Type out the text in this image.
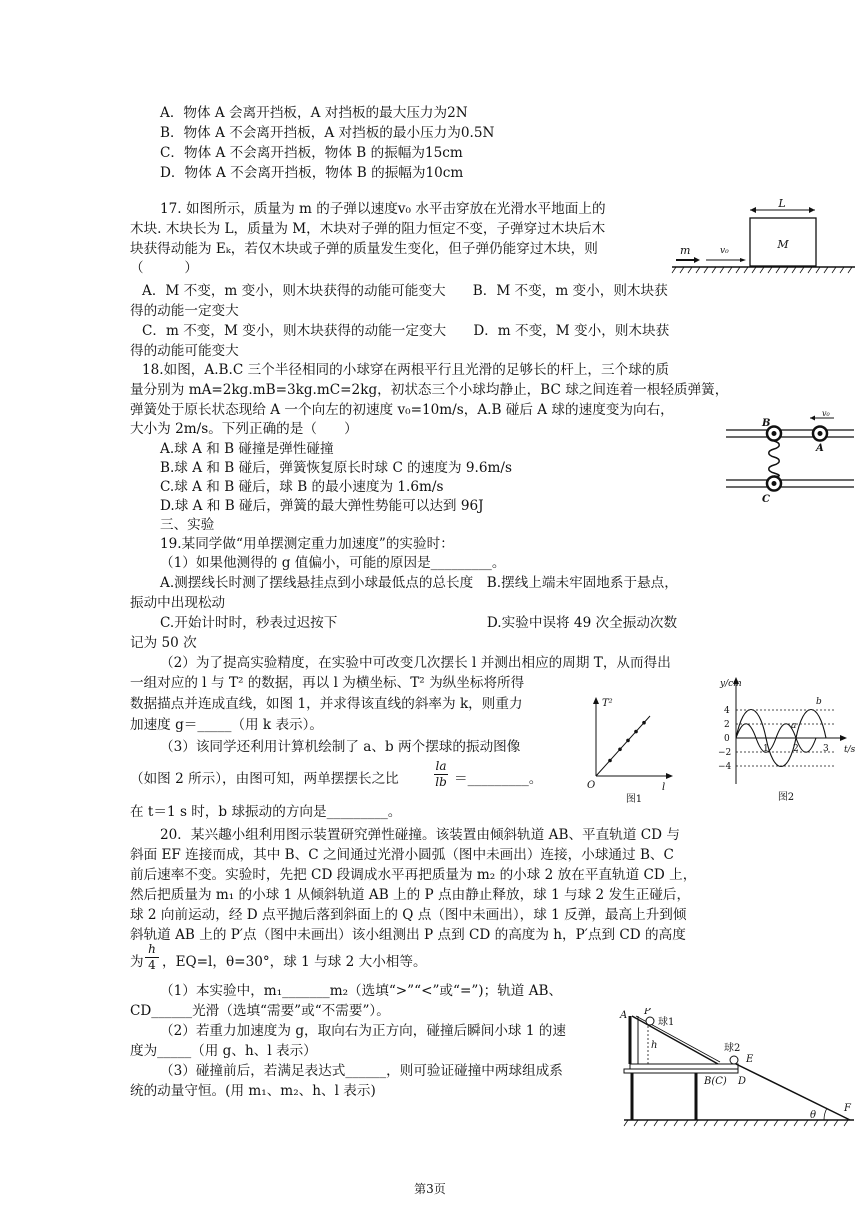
A．物体 A 会离开挡板，A 对挡板的最大压力为2N
B．物体 A 不会离开挡板，A 对挡板的最小压力为0.5N
C．物体 A 不会离开挡板，物体 B 的振幅为15cm
D．物体 A 不会离开挡板，物体 B 的振幅为10cm
17. 如图所示，质量为 m 的子弹以速度v₀ 水平击穿放在光滑水平地面上的
木块. 木块长为 L，质量为 M，木块对子弹的阻力恒定不变，子弹穿过木块后木
块获得动能为 Eₖ，若仅木块或子弹的质量发生变化，但子弹仍能穿过木块，则
（　　　）
A．M 不变，m 变小，则木块获得的动能可能变大　　B．M 不变，m 变小，则木块获
得的动能一定变大
C．m 不变，M 变小，则木块获得的动能一定变大　　D．m 不变，M 变小，则木块获
得的动能可能变大
L
M
m	v₀
18.如图，A.B.C 三个半径相同的小球穿在两根平行且光滑的足够长的杆上，三个球的质
量分别为 mA=2kg.mB=3kg.mC=2kg，初状态三个小球均静止，BC 球之间连着一根轻质弹簧，
弹簧处于原长状态现给 A 一个向左的初速度 v₀=10m/s，A.B 碰后 A 球的速度变为向右，
大小为 2m/s。下列正确的是（　　）
A.球 A 和 B 碰撞是弹性碰撞
B.球 A 和 B 碰后，弹簧恢复原长时球 C 的速度为 9.6m/s
C.球 A 和 B 碰后，球 B 的最小速度为 1.6m/s
D.球 A 和 B 碰后，弹簧的最大弹性势能可以达到 96J
B
A
C
v₀
三、实验
19.某同学做“用单摆测定重力加速度”的实验时：
（1）如果他测得的 g 值偏小，可能的原因是_________。
A.测摆线长时测了摆线悬挂点到小球最低点的总长度　B.摆线上端未牢固地系于悬点，
振动中出现松动
C.开始计时时，秒表过迟按下　　　　　　　　　　　D.实验中误将 49 次全振动次数
记为 50 次
（2）为了提高实验精度，在实验中可改变几次摆长 l 并测出相应的周期 T，从而得出
一组对应的 l 与 T² 的数据，再以 l 为横坐标、T² 为纵坐标将所得
数据描点并连成直线，如图 1，并求得该直线的斜率为 k，则重力
加速度 g＝_____（用 k 表示）。
（3）该同学还利用计算机绘制了 a、b 两个摆球的振动图像
（如图 2 所示），由图可知，两单摆摆长之比
la
lb ＝_________。
在 t＝1 s 时，b 球振动的方向是_________。
T²
l
O
图1
y/cm
t/s
4
2
0
−2
−4
1	2	3
a
b
图2
20．某兴趣小组利用图示装置研究弹性碰撞。该装置由倾斜轨道 AB、平直轨道 CD 与
斜面 EF 连接而成，其中 B、C 之间通过光滑小圆弧（图中未画出）连接，小球通过 B、C
前后速率不变。实验时，先把 CD 段调成水平再把质量为 m₂ 的小球 2 放在平直轨道 CD 上，
然后把质量为 m₁ 的小球 1 从倾斜轨道 AB 上的 P 点由静止释放，球 1 与球 2 发生正碰后，
球 2 向前运动，经 D 点平抛后落到斜面上的 Q 点（图中未画出），球 1 反弹，最高上升到倾
斜轨道 AB 上的 P′点（图中未画出）该小组测出 P 点到 CD 的高度为 h，P′点到 CD 的高度
为
h
4 ，EQ=l，θ=30°，球 1 与球 2 大小相等。
（1）本实验中，m₁_______m₂（选填“>”“<”或“=”)；轨道 AB、
CD______光滑（选填“需要”或“不需要”）。
（2）若重力加速度为 g，取向右为正方向，碰撞后瞬间小球 1 的速
度为_____（用 g、h、l 表示）
（3）碰撞前后，若满足表达式______，则可验证碰撞中两球组成系
统的动量守恒。(用 m₁、m₂、h、l 表示)
A P
球1
h	球2
E
B(C) D
θ
F
第3页
